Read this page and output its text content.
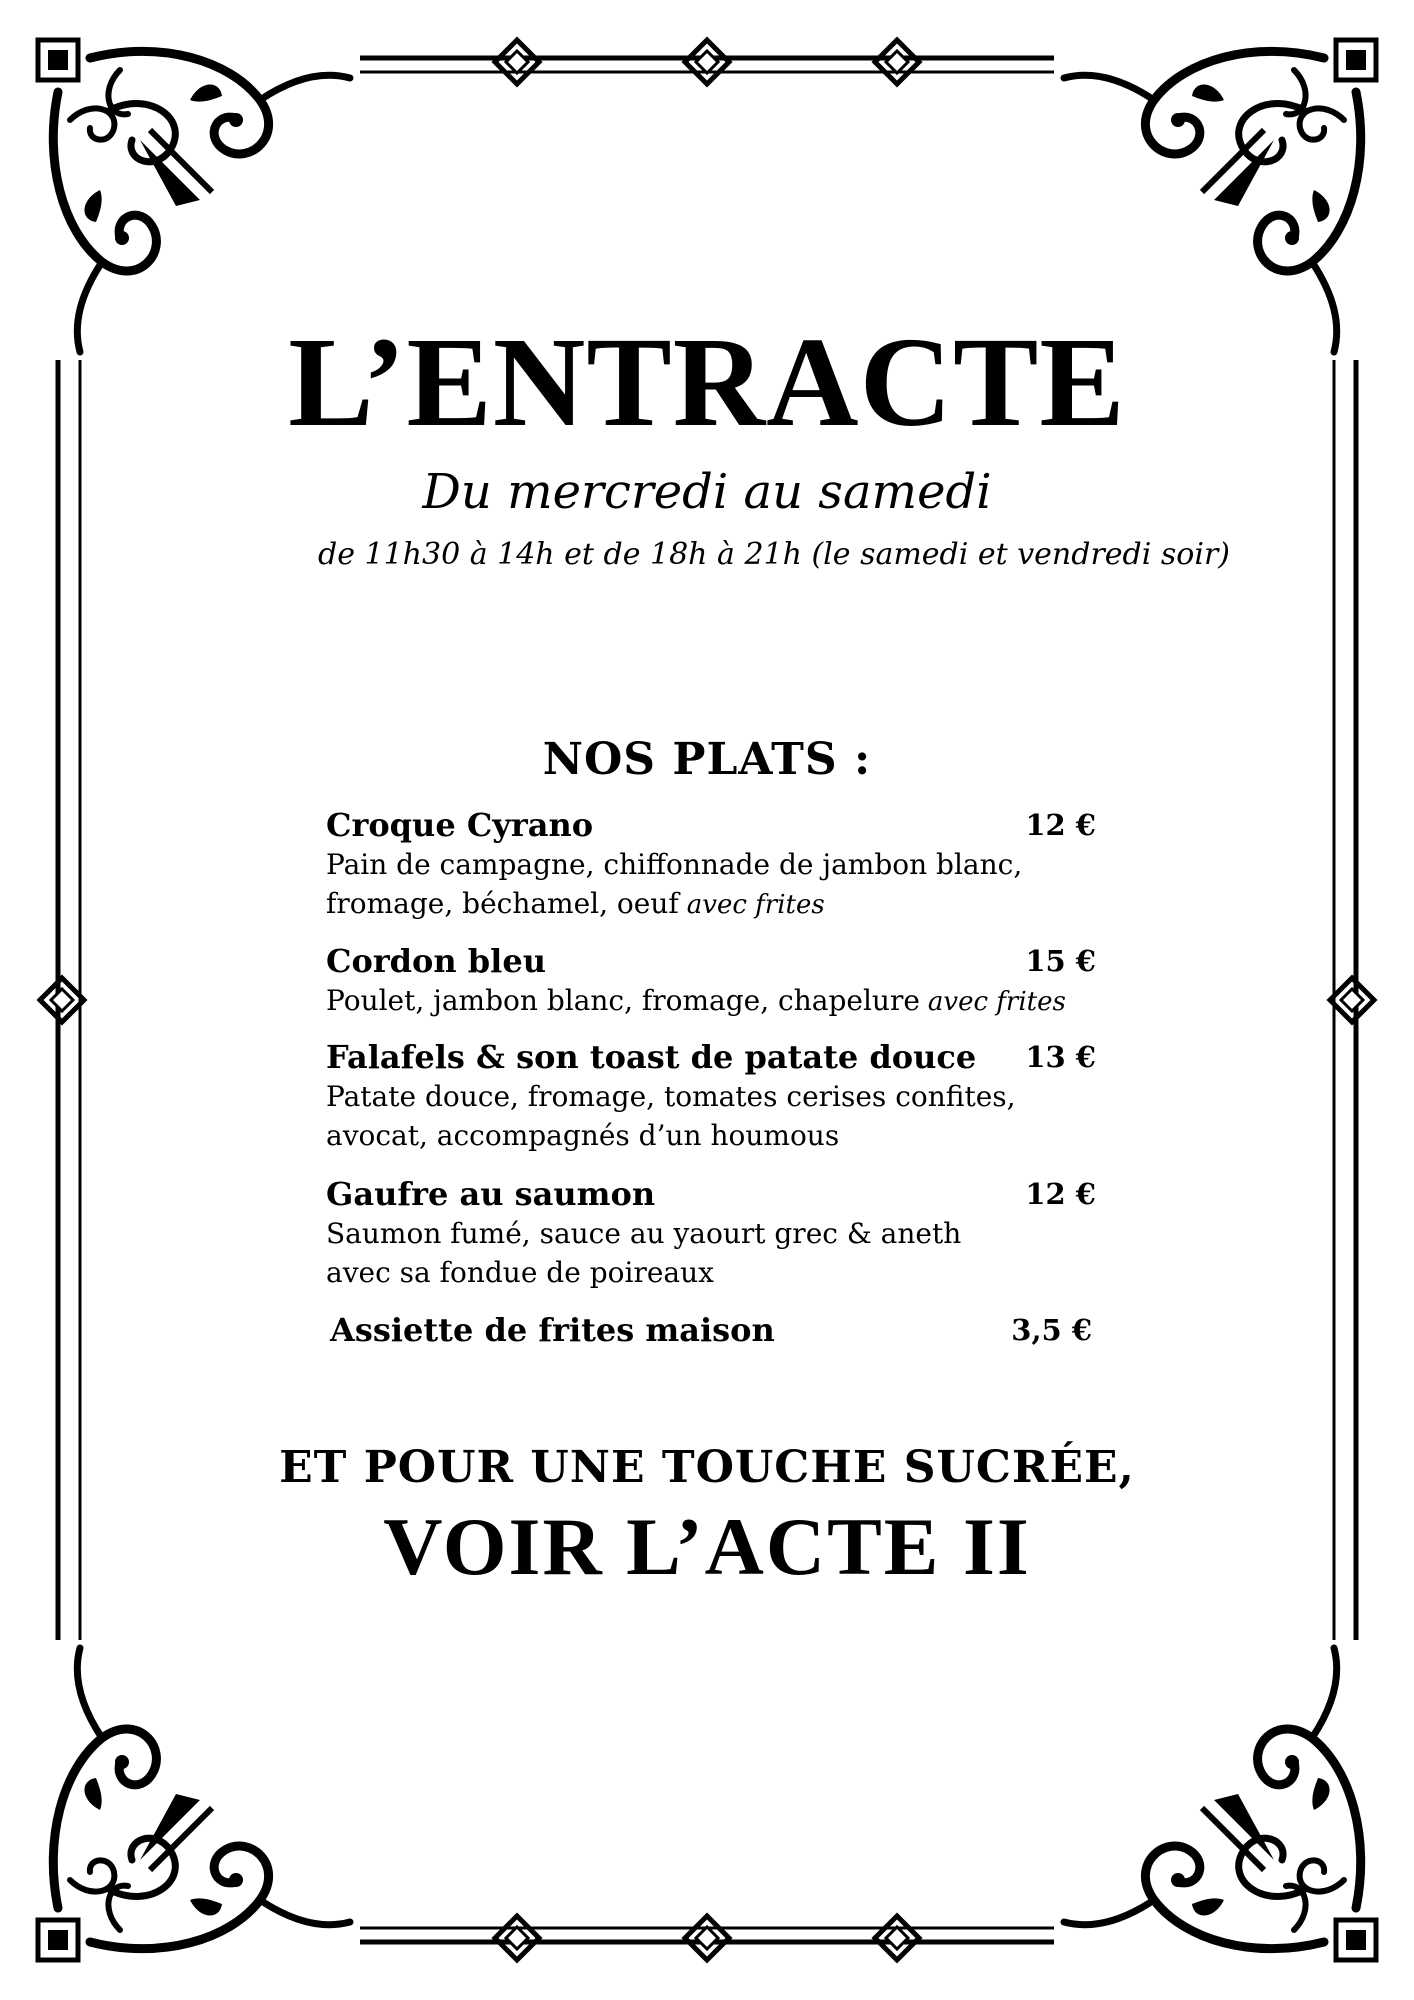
L’ENTRACTE
Du mercredi au samedi
de 11h30 à 14h et de 18h à 21h (le samedi et vendredi soir)
NOS PLATS :
Croque Cyrano	12 €
Pain de campagne, chiffonnade de jambon blanc,
fromage, béchamel, oeuf avec frites
Cordon bleu	15 €
Poulet, jambon blanc, fromage, chapelure avec frites
Falafels & son toast de patate douce 13 €
Patate douce, fromage, tomates cerises confites,
avocat, accompagnés d’un houmous
Gaufre au saumon	12 €
Saumon fumé, sauce au yaourt grec & aneth
avec sa fondue de poireaux
Assiette de frites maison	3,5 €
ET POUR UNE TOUCHE SUCRÉE,
VOIR L’ACTE II
